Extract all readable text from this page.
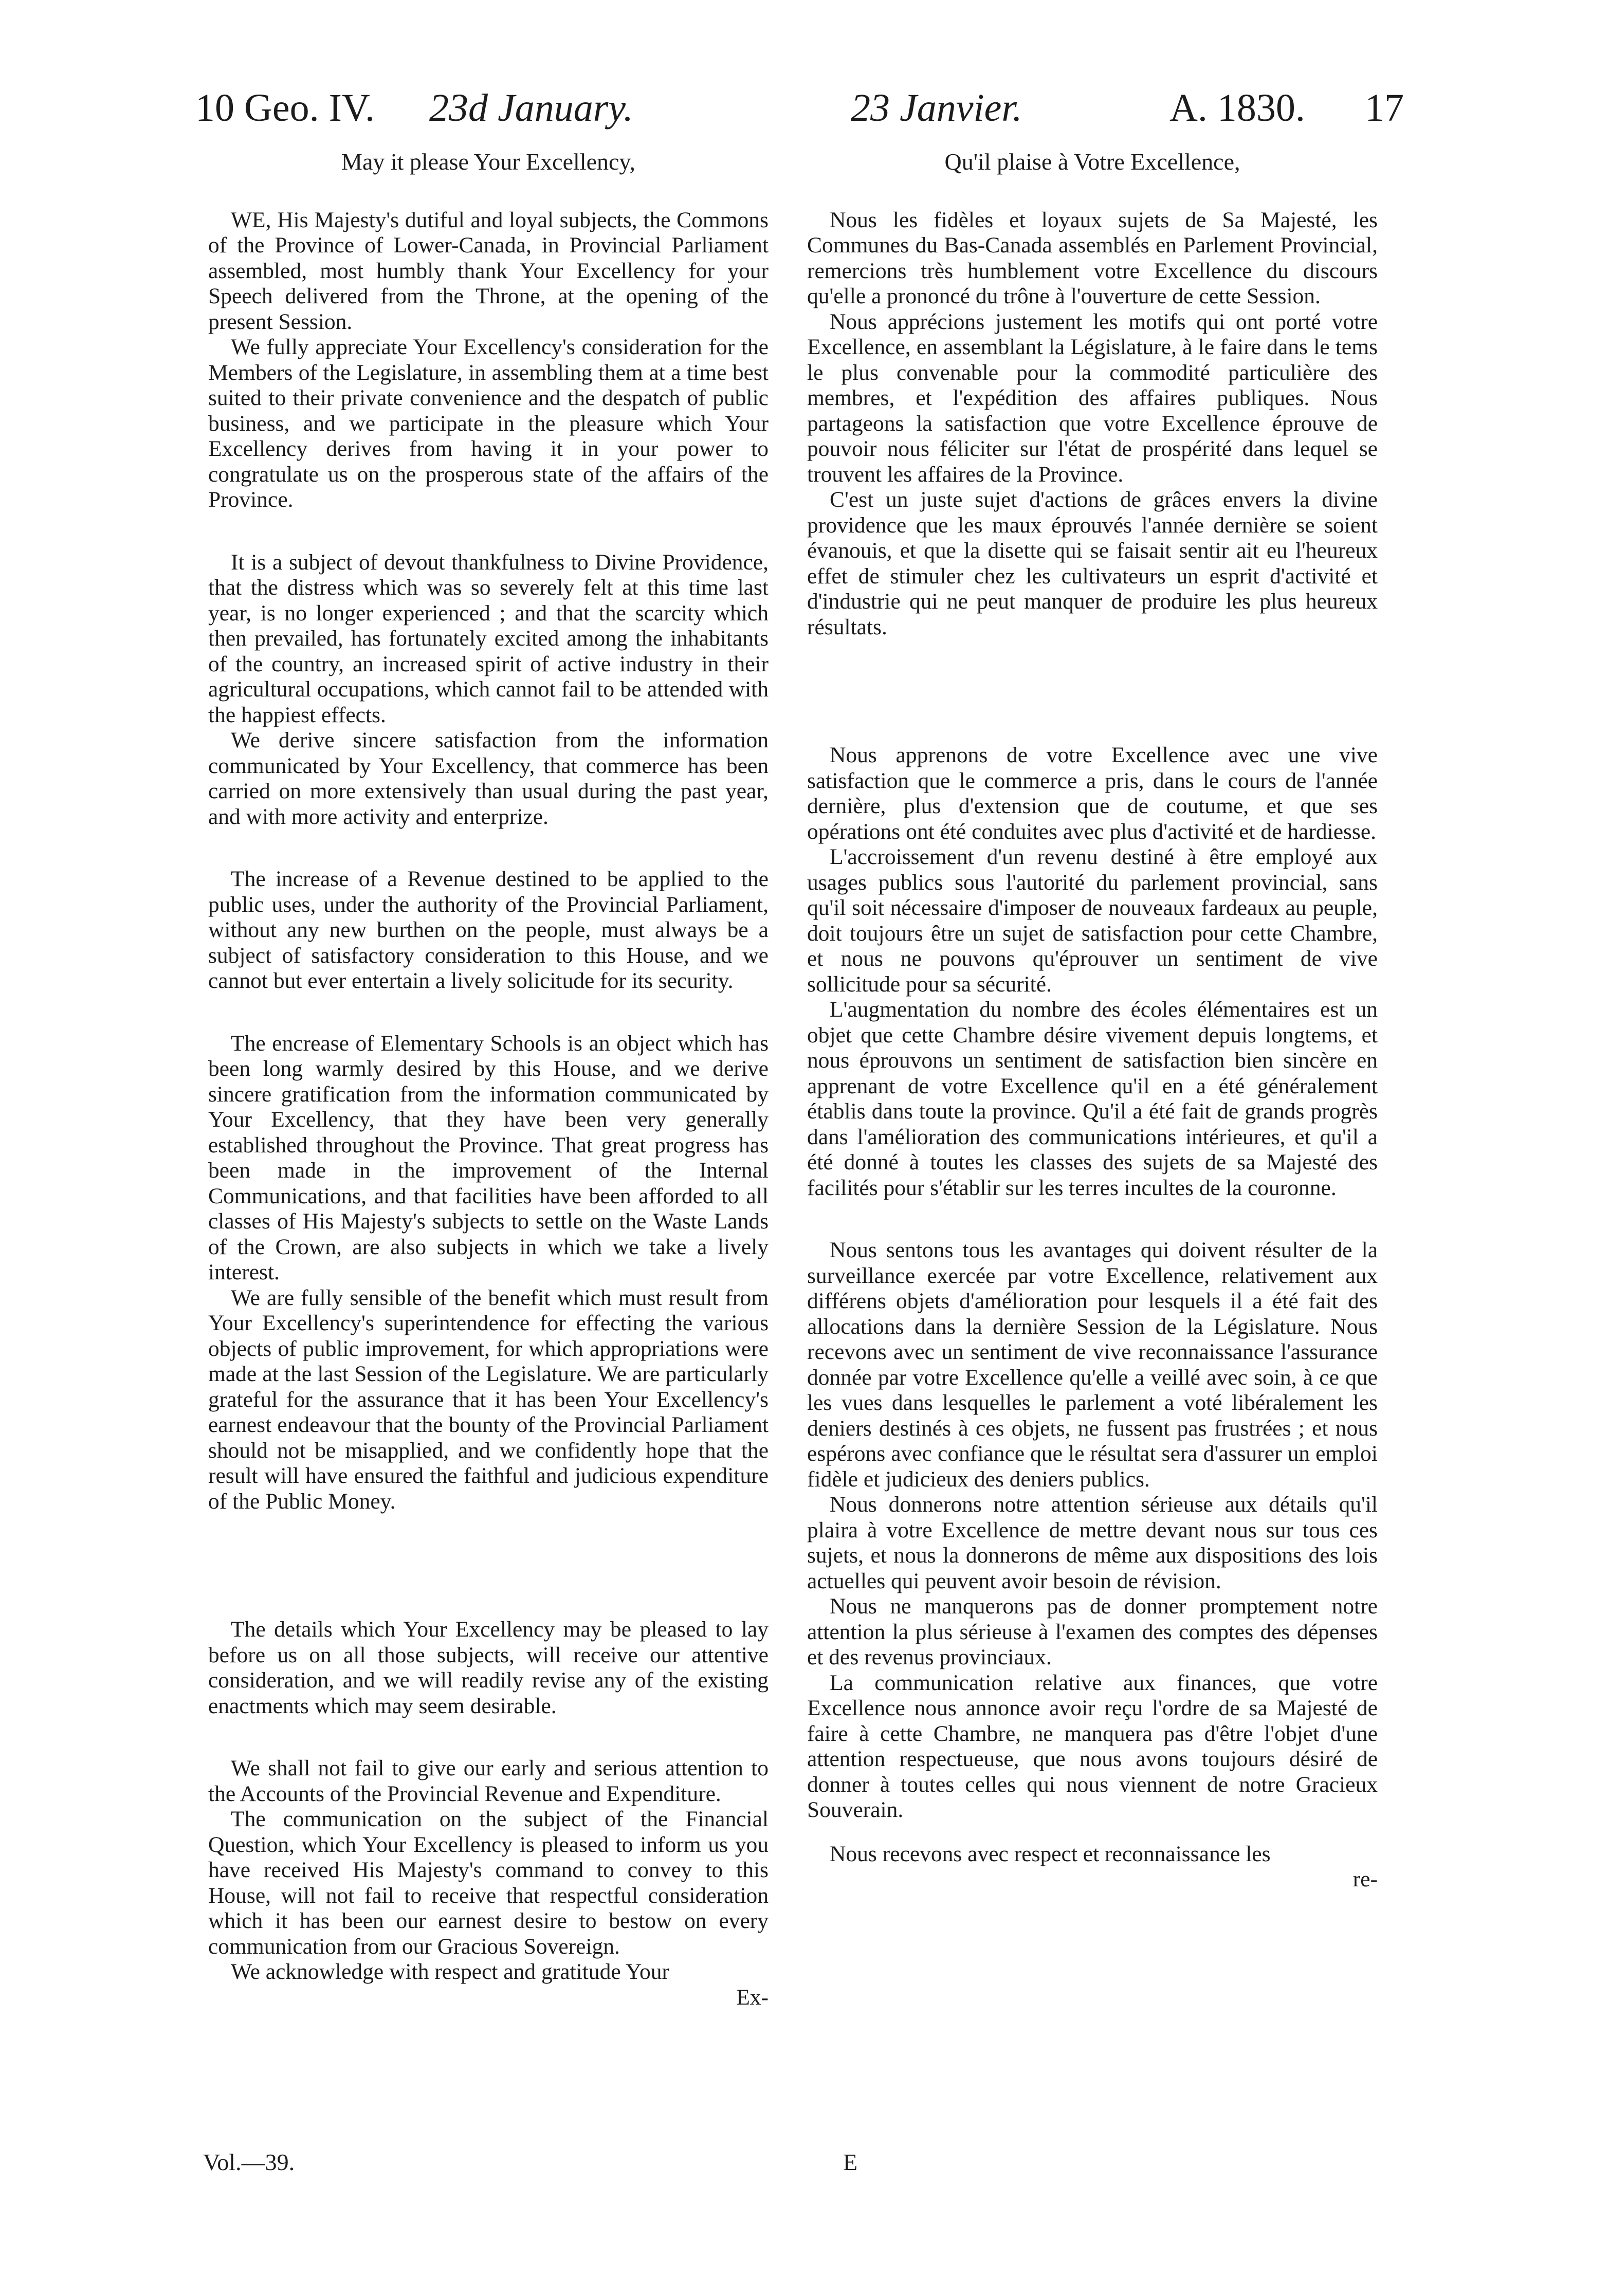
10 Geo. IV. 23d January.	23 Janvier.	A. 1830. 17

May it please Your Excellency,

WE, His Majesty's dutiful and loyal subjects, the Commons of the Province of Lower-Canada, in Provincial Parliament assembled, most humbly thank Your Excellency for your Speech delivered from the Throne, at the opening of the present Session.

We fully appreciate Your Excellency's consideration for the Members of the Legislature, in assembling them at a time best suited to their private convenience and the despatch of public business, and we participate in the pleasure which Your Excellency derives from having it in your power to congratulate us on the prosperous state of the affairs of the Province.

It is a subject of devout thankfulness to Divine Providence, that the distress which was so severely felt at this time last year, is no longer experienced ; and that the scarcity which then prevailed, has fortunately excited among the inhabitants of the country, an increased spirit of active industry in their agricultural occupations, which cannot fail to be attended with the happiest effects.

We derive sincere satisfaction from the information communicated by Your Excellency, that commerce has been carried on more extensively than usual during the past year, and with more activity and enterprize.

The increase of a Revenue destined to be applied to the public uses, under the authority of the Provincial Parliament, without any new burthen on the people, must always be a subject of satisfactory consideration to this House, and we cannot but ever entertain a lively solicitude for its security.

The encrease of Elementary Schools is an object which has been long warmly desired by this House, and we derive sincere gratification from the information communicated by Your Excellency, that they have been very generally established throughout the Province. That great progress has been made in the improvement of the Internal Communications, and that facilities have been afforded to all classes of His Majesty's subjects to settle on the Waste Lands of the Crown, are also subjects in which we take a lively interest.

We are fully sensible of the benefit which must result from Your Excellency's superintendence for effecting the various objects of public improvement, for which appropriations were made at the last Session of the Legislature. We are particularly grateful for the assurance that it has been Your Excellency's earnest endeavour that the bounty of the Provincial Parliament should not be misapplied, and we confidently hope that the result will have ensured the faithful and judicious expenditure of the Public Money.

The details which Your Excellency may be pleased to lay before us on all those subjects, will receive our attentive consideration, and we will readily revise any of the existing enactments which may seem desirable.

We shall not fail to give our early and serious attention to the Accounts of the Provincial Revenue and Expenditure.

The communication on the subject of the Financial Question, which Your Excellency is pleased to inform us you have received His Majesty's command to convey to this House, will not fail to receive that respectful consideration which it has been our earnest desire to bestow on every communication from our Gracious Sovereign.

We acknowledge with respect and gratitude Your

Ex-

Qu'il plaise à Votre Excellence,

Nous les fidèles et loyaux sujets de Sa Majesté, les Communes du Bas-Canada assemblés en Parlement Provincial, remercions très humblement votre Excellence du discours qu'elle a prononcé du trône à l'ouverture de cette Session.

Nous apprécions justement les motifs qui ont porté votre Excellence, en assemblant la Législature, à le faire dans le tems le plus convenable pour la commodité particulière des membres, et l'expédition des affaires publiques. Nous partageons la satisfaction que votre Excellence éprouve de pouvoir nous féliciter sur l'état de prospérité dans lequel se trouvent les affaires de la Province.

C'est un juste sujet d'actions de grâces envers la divine providence que les maux éprouvés l'année dernière se soient évanouis, et que la disette qui se faisait sentir ait eu l'heureux effet de stimuler chez les cultivateurs un esprit d'activité et d'industrie qui ne peut manquer de produire les plus heureux résultats.

Nous apprenons de votre Excellence avec une vive satisfaction que le commerce a pris, dans le cours de l'année dernière, plus d'extension que de coutume, et que ses opérations ont été conduites avec plus d'activité et de hardiesse.

L'accroissement d'un revenu destiné à être employé aux usages publics sous l'autorité du parlement provincial, sans qu'il soit nécessaire d'imposer de nouveaux fardeaux au peuple, doit toujours être un sujet de satisfaction pour cette Chambre, et nous ne pouvons qu'éprouver un sentiment de vive sollicitude pour sa sécurité.

L'augmentation du nombre des écoles élémentaires est un objet que cette Chambre désire vivement depuis longtems, et nous éprouvons un sentiment de satisfaction bien sincère en apprenant de votre Excellence qu'il en a été généralement établis dans toute la province. Qu'il a été fait de grands progrès dans l'amélioration des communications intérieures, et qu'il a été donné à toutes les classes des sujets de sa Majesté des facilités pour s'établir sur les terres incultes de la couronne.

Nous sentons tous les avantages qui doivent résulter de la surveillance exercée par votre Excellence, relativement aux différens objets d'amélioration pour lesquels il a été fait des allocations dans la dernière Session de la Législature. Nous recevons avec un sentiment de vive reconnaissance l'assurance donnée par votre Excellence qu'elle a veillé avec soin, à ce que les vues dans lesquelles le parlement a voté libéralement les deniers destinés à ces objets, ne fussent pas frustrées ; et nous espérons avec confiance que le résultat sera d'assurer un emploi fidèle et judicieux des deniers publics.

Nous donnerons notre attention sérieuse aux détails qu'il plaira à votre Excellence de mettre devant nous sur tous ces sujets, et nous la donnerons de même aux dispositions des lois actuelles qui peuvent avoir besoin de révision.

Nous ne manquerons pas de donner promptement notre attention la plus sérieuse à l'examen des comptes des dépenses et des revenus provinciaux.

La communication relative aux finances, que votre Excellence nous annonce avoir reçu l'ordre de sa Majesté de faire à cette Chambre, ne manquera pas d'être l'objet d'une attention respectueuse, que nous avons toujours désiré de donner à toutes celles qui nous viennent de notre Gracieux Souverain.

Nous recevons avec respect et reconnaissance les

re-

Vol.—39.	E
